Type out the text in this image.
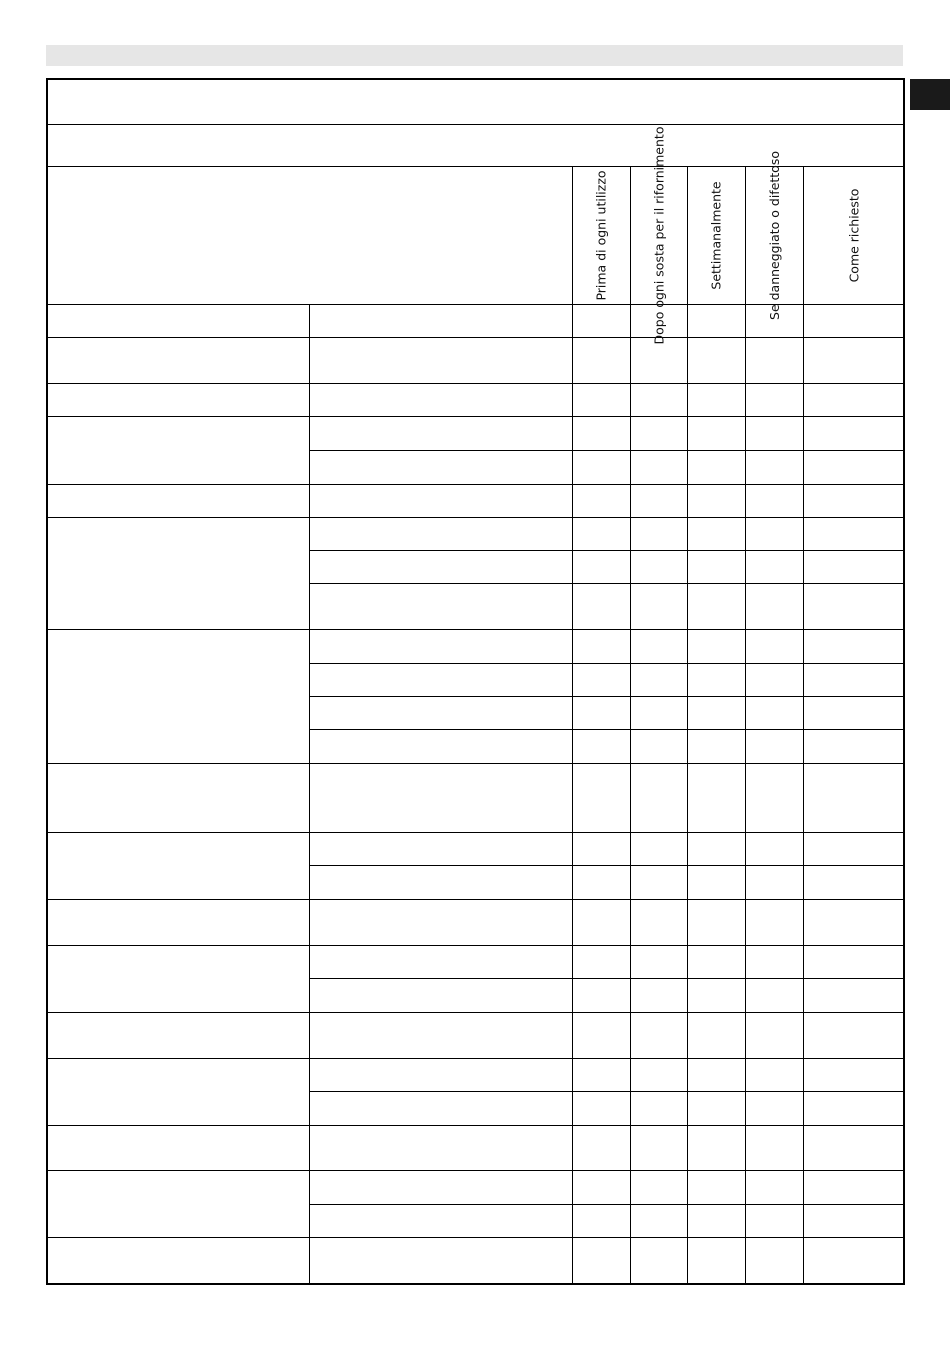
Prima di ogni utilizzo	Dopo ogni sosta per il rifornimento	Settimanalmente	Se danneggiato o difettoso	Come richiesto
